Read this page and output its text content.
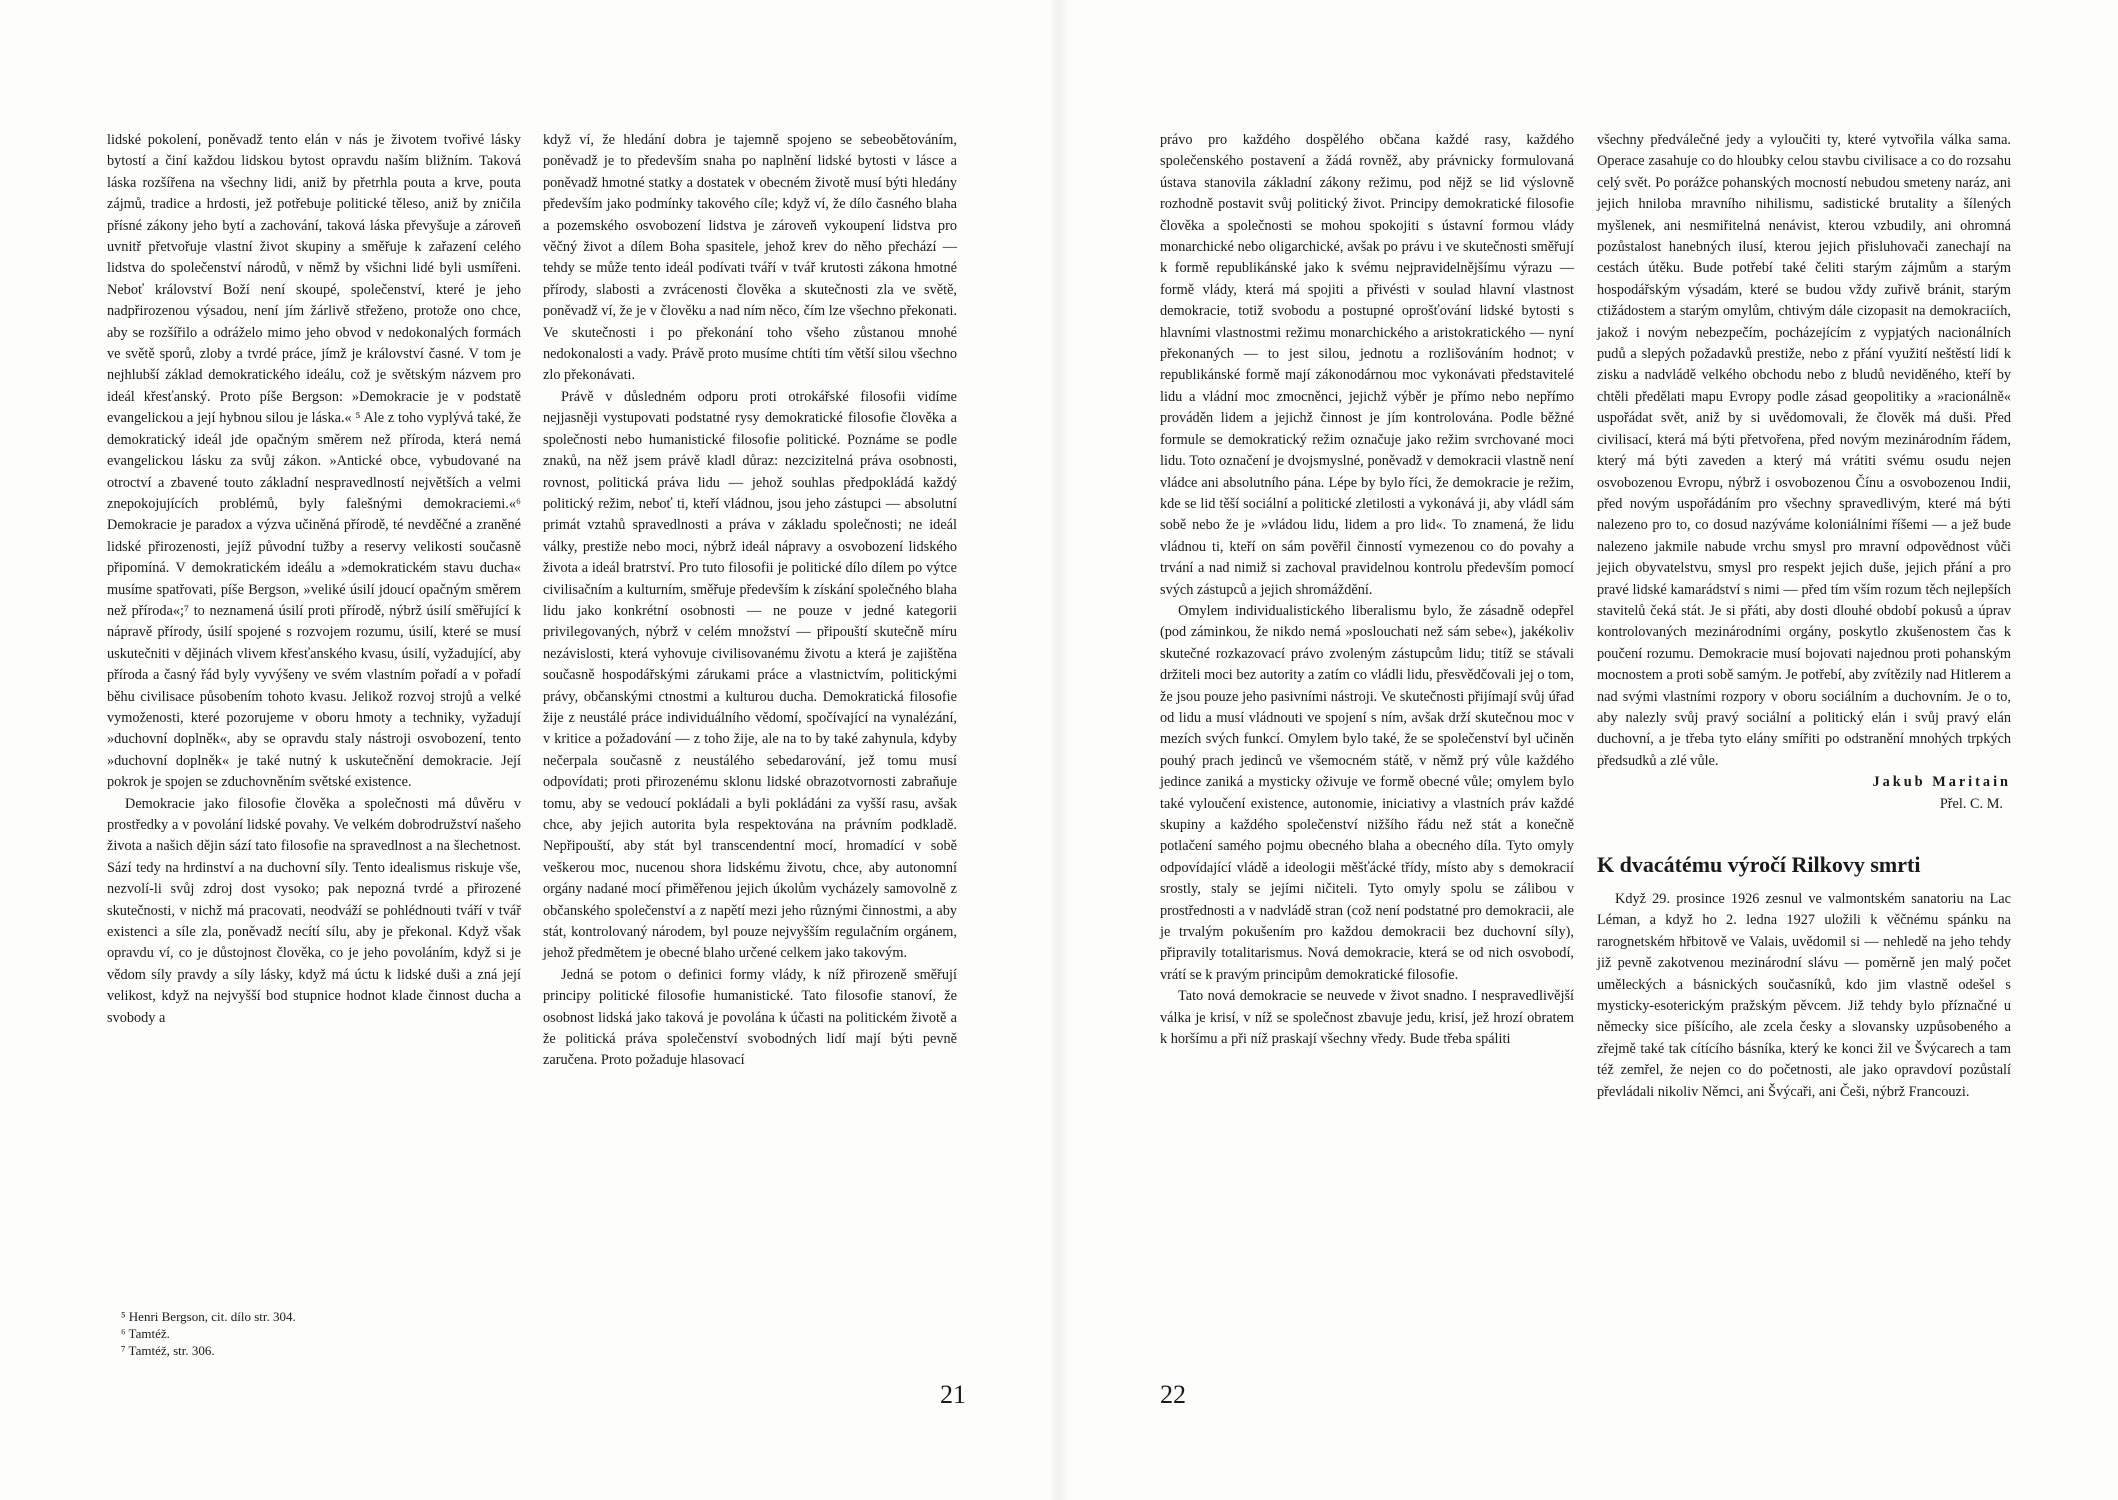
lidské pokolení, poněvadž tento elán v nás je životem tvořivé lásky bytostí a činí každou lidskou bytost opravdu naším bližním. Taková láska rozšířena na všechny lidi, aniž by přetrhla pouta a krve, pouta zájmů, tradice a hrdosti, jež potřebuje politické těleso, aniž by zničila přísné zákony jeho bytí a zachování, taková láska převyšuje a zároveň uvnitř přetvořuje vlastní život skupiny a směřuje k zařazení celého lidstva do společenství národů, v němž by všichni lidé byli usmířeni. Neboť království Boží není skoupé, společenství, které je jeho nadpřirozenou výsadou, není jím žárlivě střeženo, protože ono chce, aby se rozšířilo a odráželo mimo jeho obvod v nedokonalých formách ve světě sporů, zloby a tvrdé práce, jímž je království časné. V tom je nejhlubší základ demokratického ideálu, což je světským názvem pro ideál křesťanský. Proto píše Bergson: »Demokracie je v podstatě evangelickou a její hybnou silou je láska.« ⁵ Ale z toho vyplývá také, že demokratický ideál jde opačným směrem než příroda, která nemá evangelickou lásku za svůj zákon. »Antické obce, vybudované na otroctví a zbavené touto základní nespravedlností největších a velmi znepokojujících problémů, byly falešnými demokraciemi.«⁶ Demokracie je paradox a výzva učiněná přírodě, té nevděčné a zraněné lidské přirozenosti, jejíž původní tužby a reservy velikosti současně připomíná. V demokratickém ideálu a »demokratickém stavu ducha« musíme spatřovati, píše Bergson, »veliké úsilí jdoucí opačným směrem než příroda«;⁷ to neznamená úsilí proti přírodě, nýbrž úsilí směřující k nápravě přírody, úsilí spojené s rozvojem rozumu, úsilí, které se musí uskutečniti v dějinách vlivem křesťanského kvasu, úsilí, vyžadující, aby příroda a časný řád byly vyvýšeny ve svém vlastním pořadí a v pořadí běhu civilisace působením tohoto kvasu. Jelikož rozvoj strojů a velké vymoženosti, které pozorujeme v oboru hmoty a techniky, vyžadují »duchovní doplněk«, aby se opravdu staly nástroji osvobození, tento »duchovní doplněk« je také nutný k uskutečnění demokracie. Její pokrok je spojen se zduchovněním světské existence.

Demokracie jako filosofie člověka a společnosti má důvěru v prostředky a v povolání lidské povahy. Ve velkém dobrodružství našeho života a našich dějin sází tato filosofie na spravedlnost a na šlechetnost. Sází tedy na hrdinství a na duchovní síly. Tento idealismus riskuje vše, nezvolí-li svůj zdroj dost vysoko; pak nepozná tvrdé a přirozené skutečnosti, v nichž má pracovati, neodváží se pohlédnouti tváří v tvář existenci a síle zla, poněvadž necítí sílu, aby je překonal. Když však opravdu ví, co je důstojnost člověka, co je jeho povoláním, když si je vědom síly pravdy a síly lásky, když má úctu k lidské duši a zná její velikost, když na nejvyšší bod stupnice hodnot klade činnost ducha a svobody a

když ví, že hledání dobra je tajemně spojeno se sebeobětováním, poněvadž je to především snaha po naplnění lidské bytosti v lásce a poněvadž hmotné statky a dostatek v obecném životě musí býti hledány především jako podmínky takového cíle; když ví, že dílo časného blaha a pozemského osvobození lidstva je zároveň vykoupení lidstva pro věčný život a dílem Boha spasitele, jehož krev do něho přechází — tehdy se může tento ideál podívati tváří v tvář krutosti zákona hmotné přírody, slabosti a zvrácenosti člověka a skutečnosti zla ve světě, poněvadž ví, že je v člověku a nad ním něco, čím lze všechno překonati. Ve skutečnosti i po překonání toho všeho zůstanou mnohé nedokonalosti a vady. Právě proto musíme chtíti tím větší silou všechno zlo překonávati.

Právě v důsledném odporu proti otrokářské filosofii vidíme nejjasněji vystupovati podstatné rysy demokratické filosofie člověka a společnosti nebo humanistické filosofie politické. Poznáme se podle znaků, na něž jsem právě kladl důraz: nezcizitelná práva osobnosti, rovnost, politická práva lidu — jehož souhlas předpokládá každý politický režim, neboť ti, kteří vládnou, jsou jeho zástupci — absolutní primát vztahů spravedlnosti a práva v základu společnosti; ne ideál války, prestiže nebo moci, nýbrž ideál nápravy a osvobození lidského života a ideál bratrství. Pro tuto filosofii je politické dílo dílem po výtce civilisačním a kulturním, směřuje především k získání společného blaha lidu jako konkrétní osobnosti — ne pouze v jedné kategorii privilegovaných, nýbrž v celém množství — připouští skutečně míru nezávislosti, která vyhovuje civilisovanému životu a která je zajištěna současně hospodářskými zárukami práce a vlastnictvím, politickými právy, občanskými ctnostmi a kulturou ducha. Demokratická filosofie žije z neustálé práce individuálního vědomí, spočívající na vynalézání, v kritice a požadování — z toho žije, ale na to by také zahynula, kdyby nečerpala současně z neustálého sebedarování, jež tomu musí odpovídati; proti přirozenému sklonu lidské obrazotvornosti zabraňuje tomu, aby se vedoucí pokládali a byli pokládáni za vyšší rasu, avšak chce, aby jejich autorita byla respektována na právním podkladě. Nepřipouští, aby stát byl transcendentní mocí, hromadící v sobě veškerou moc, nucenou shora lidskému životu, chce, aby autonomní orgány nadané mocí přiměřenou jejich úkolům vycházely samovolně z občanského společenství a z napětí mezi jeho různými činnostmi, a aby stát, kontrolovaný národem, byl pouze nejvyšším regulačním orgánem, jehož předmětem je obecné blaho určené celkem jako takovým.

Jedná se potom o definici formy vlády, k níž přirozeně směřují principy politické filosofie humanistické. Tato filosofie stanoví, že osobnost lidská jako taková je povolána k účasti na politickém životě a že politická práva společenství svobodných lidí mají býti pevně zaručena. Proto požaduje hlasovací

⁵ Henri Bergson, cit. dílo str. 304.
⁶ Tamtéž.
⁷ Tamtéž, str. 306.
21

právo pro každého dospělého občana každé rasy, každého společenského postavení a žádá rovněž, aby právnicky formulovaná ústava stanovila základní zákony režimu, pod nějž se lid výslovně rozhodně postavit svůj politický život. Principy demokratické filosofie člověka a společnosti se mohou spokojiti s ústavní formou vlády monarchické nebo oligarchické, avšak po právu i ve skutečnosti směřují k formě republikánské jako k svému nejpravidelnějšímu výrazu — formě vlády, která má spojiti a přivésti v soulad hlavní vlastnost demokracie, totiž svobodu a postupné oprošťování lidské bytosti s hlavními vlastnostmi režimu monarchického a aristokratického — nyní překonaných — to jest silou, jednotu a rozlišováním hodnot; v republikánské formě mají zákonodárnou moc vykonávati představitelé lidu a vládní moc zmocněnci, jejichž výběr je přímo nebo nepřímo prováděn lidem a jejichž činnost je jím kontrolována. Podle běžné formule se demokratický režim označuje jako režim svrchované moci lidu. Toto označení je dvojsmyslné, poněvadž v demokracii vlastně není vládce ani absolutního pána. Lépe by bylo říci, že demokracie je režim, kde se lid těší sociální a politické zletilosti a vykonává ji, aby vládl sám sobě nebo že je »vládou lidu, lidem a pro lid«. To znamená, že lidu vládnou ti, kteří on sám pověřil činností vymezenou co do povahy a trvání a nad nimiž si zachoval pravidelnou kontrolu především pomocí svých zástupců a jejich shromáždění.

Omylem individualistického liberalismu bylo, že zásadně odepřel (pod záminkou, že nikdo nemá »poslouchati než sám sebe«), jakékoliv skutečné rozkazovací právo zvoleným zástupcům lidu; titíž se stávali držiteli moci bez autority a zatím co vládli lidu, přesvědčovali jej o tom, že jsou pouze jeho pasivními nástroji. Ve skutečnosti přijímají svůj úřad od lidu a musí vládnouti ve spojení s ním, avšak drží skutečnou moc v mezích svých funkcí. Omylem bylo také, že se společenství byl učiněn pouhý prach jedinců ve všemocném státě, v němž prý vůle každého jedince zaniká a mysticky oživuje ve formě obecné vůle; omylem bylo také vyloučení existence, autonomie, iniciativy a vlastních práv každé skupiny a každého společenství nižšího řádu než stát a konečně potlačení samého pojmu obecného blaha a obecného díla. Tyto omyly odpovídající vládě a ideologii měšťácké třídy, místo aby s demokracií srostly, staly se jejími ničiteli. Tyto omyly spolu se zálibou v prostřednosti a v nadvládě stran (což není podstatné pro demokracii, ale je trvalým pokušením pro každou demokracii bez duchovní síly), připravily totalitarismus. Nová demokracie, která se od nich osvobodí, vrátí se k pravým principům demokratické filosofie.

Tato nová demokracie se neuvede v život snadno. I nespravedlivější válka je krisí, v níž se společnost zbavuje jedu, krisí, jež hrozí obratem k horšímu a při níž praskají všechny vředy. Bude třeba spáliti

všechny předválečné jedy a vyloučiti ty, které vytvořila válka sama. Operace zasahuje co do hloubky celou stavbu civilisace a co do rozsahu celý svět. Po porážce pohanských mocností nebudou smeteny naráz, ani jejich hniloba mravního nihilismu, sadistické brutality a šílených myšlenek, ani nesmiřitelná nenávist, kterou vzbudily, ani ohromná pozůstalost hanebných ilusí, kterou jejich přisluhovači zanechají na cestách útěku. Bude potřebí také čeliti starým zájmům a starým hospodářským výsadám, které se budou vždy zuřivě bránit, starým ctižádostem a starým omylům, chtivým dále cizopasit na demokraciích, jakož i novým nebezpečím, pocházejícím z vypjatých nacionálních pudů a slepých požadavků prestiže, nebo z přání využití neštěstí lidí k zisku a nadvládě velkého obchodu nebo z bludů neviděného, kteří by chtěli předělati mapu Evropy podle zásad geopolitiky a »racionálně« uspořádat svět, aniž by si uvědomovali, že člověk má duši. Před civilisací, která má býti přetvořena, před novým mezinárodním řádem, který má býti zaveden a který má vrátiti svému osudu nejen osvobozenou Evropu, nýbrž i osvobozenou Čínu a osvobozenou Indii, před novým uspořádáním pro všechny spravedlivým, které má býti nalezeno pro to, co dosud nazýváme koloniálními říšemi — a jež bude nalezeno jakmile nabude vrchu smysl pro mravní odpovědnost vůči jejich obyvatelstvu, smysl pro respekt jejich duše, jejich přání a pro pravé lidské kamarádství s nimi — před tím vším rozum těch nejlepších stavitelů čeká stát. Je si přáti, aby dosti dlouhé období pokusů a úprav kontrolovaných mezinárodními orgány, poskytlo zkušenostem čas k poučení rozumu. Demokracie musí bojovati najednou proti pohanským mocnostem a proti sobě samým. Je potřebí, aby zvítězily nad Hitlerem a nad svými vlastními rozpory v oboru sociálním a duchovním. Je o to, aby nalezly svůj pravý sociální a politický elán i svůj pravý elán duchovní, a je třeba tyto elány smířiti po odstranění mnohých trpkých předsudků a zlé vůle.

Jakub Maritain
Přel. C. M.
K dvacátému výročí Rilkovy smrti

Když 29. prosince 1926 zesnul ve valmontském sanatoriu na Lac Léman, a když ho 2. ledna 1927 uložili k věčnému spánku na rarognetském hřbitově ve Valais, uvědomil si — nehledě na jeho tehdy již pevně zakotvenou mezinárodní slávu — poměrně jen malý počet uměleckých a básnických současníků, kdo jim vlastně odešel s mysticky-esoterickým pražským pěvcem. Již tehdy bylo příznačné u německy sice píšícího, ale zcela česky a slovansky uzpůsobeného a zřejmě také tak cítícího básníka, který ke konci žil ve Švýcarech a tam též zemřel, že nejen co do početnosti, ale jako opravdoví pozůstalí převládali nikoliv Němci, ani Švýcaři, ani Češi, nýbrž Francouzi.

22
